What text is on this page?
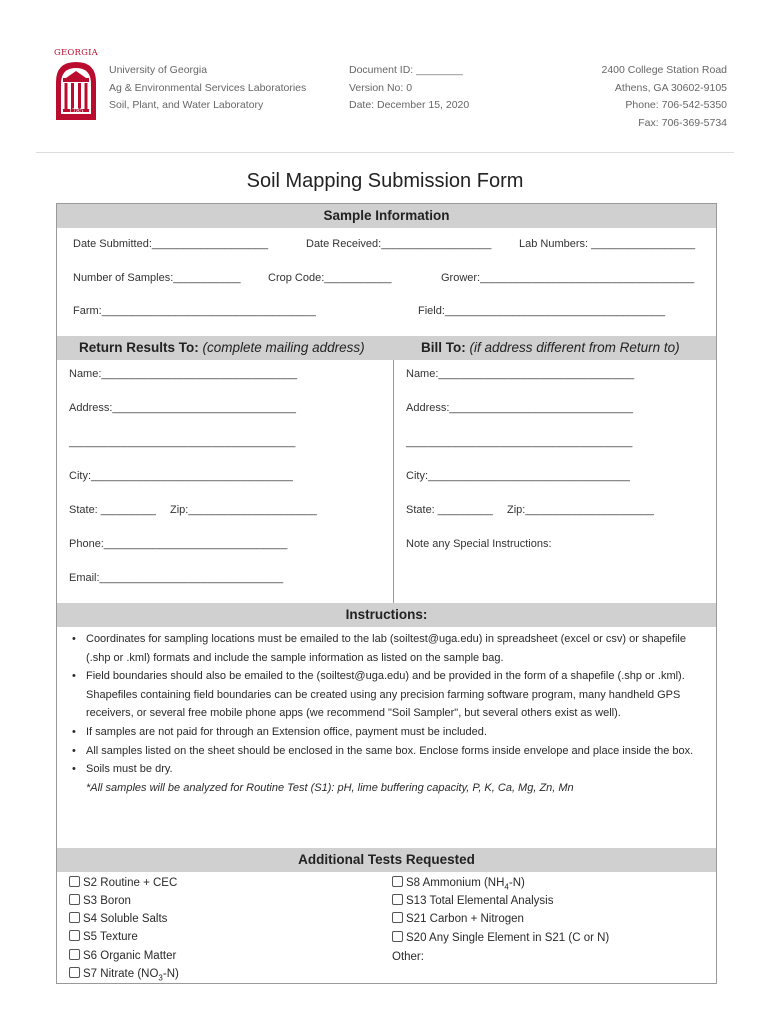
GEORGIA
1785
University of Georgia
Ag & Environmental Services Laboratories
Soil, Plant, and Water Laboratory
Document ID: ________
Version No: 0
Date: December 15, 2020
2400 College Station Road
Athens, GA 30602-9105
Phone: 706-542-5350
Fax: 706-369-5734
Soil Mapping Submission Form
Sample Information
Date Submitted:___________________	Date Received:__________________	Lab Numbers: _________________
Number of Samples:___________ Crop Code:___________	Grower:___________________________________
Farm:___________________________________	Field:____________________________________
Return Results To: (complete mailing address)	Bill To: (if address different from Return to)
Name:________________________________
Address:______________________________
_____________________________________
City:_________________________________
State: _________ Zip:_____________________
Phone:______________________________
Email:______________________________
Name:________________________________
Address:______________________________
_____________________________________
City:_________________________________
State: _________ Zip:_____________________
Note any Special Instructions:
Instructions:
• Coordinates for sampling locations must be emailed to the lab (soiltest@uga.edu) in spreadsheet (excel or csv) or shapefile (.shp or .kml) formats and include the sample information as listed on the sample bag.
• Field boundaries should also be emailed to the (soiltest@uga.edu) and be provided in the form of a shapefile (.shp or .kml). Shapefiles containing field boundaries can be created using any precision farming software program, many handheld GPS receivers, or several free mobile phone apps (we recommend "Soil Sampler", but several others exist as well).
• If samples are not paid for through an Extension office, payment must be included.
• All samples listed on the sheet should be enclosed in the same box. Enclose forms inside envelope and place inside the box.
• Soils must be dry.
*All samples will be analyzed for Routine Test (S1): pH, lime buffering capacity, P, K, Ca, Mg, Zn, Mn
Additional Tests Requested
S2 Routine + CEC
S3 Boron
S4 Soluble Salts
S5 Texture
S6 Organic Matter
S7 Nitrate $(NO_3-N)$
S8 Ammonium $(NH_4-N)$
S13 Total Elemental Analysis
S21 Carbon + Nitrogen
S20 Any Single Element in S21 (C or N)
Other:
